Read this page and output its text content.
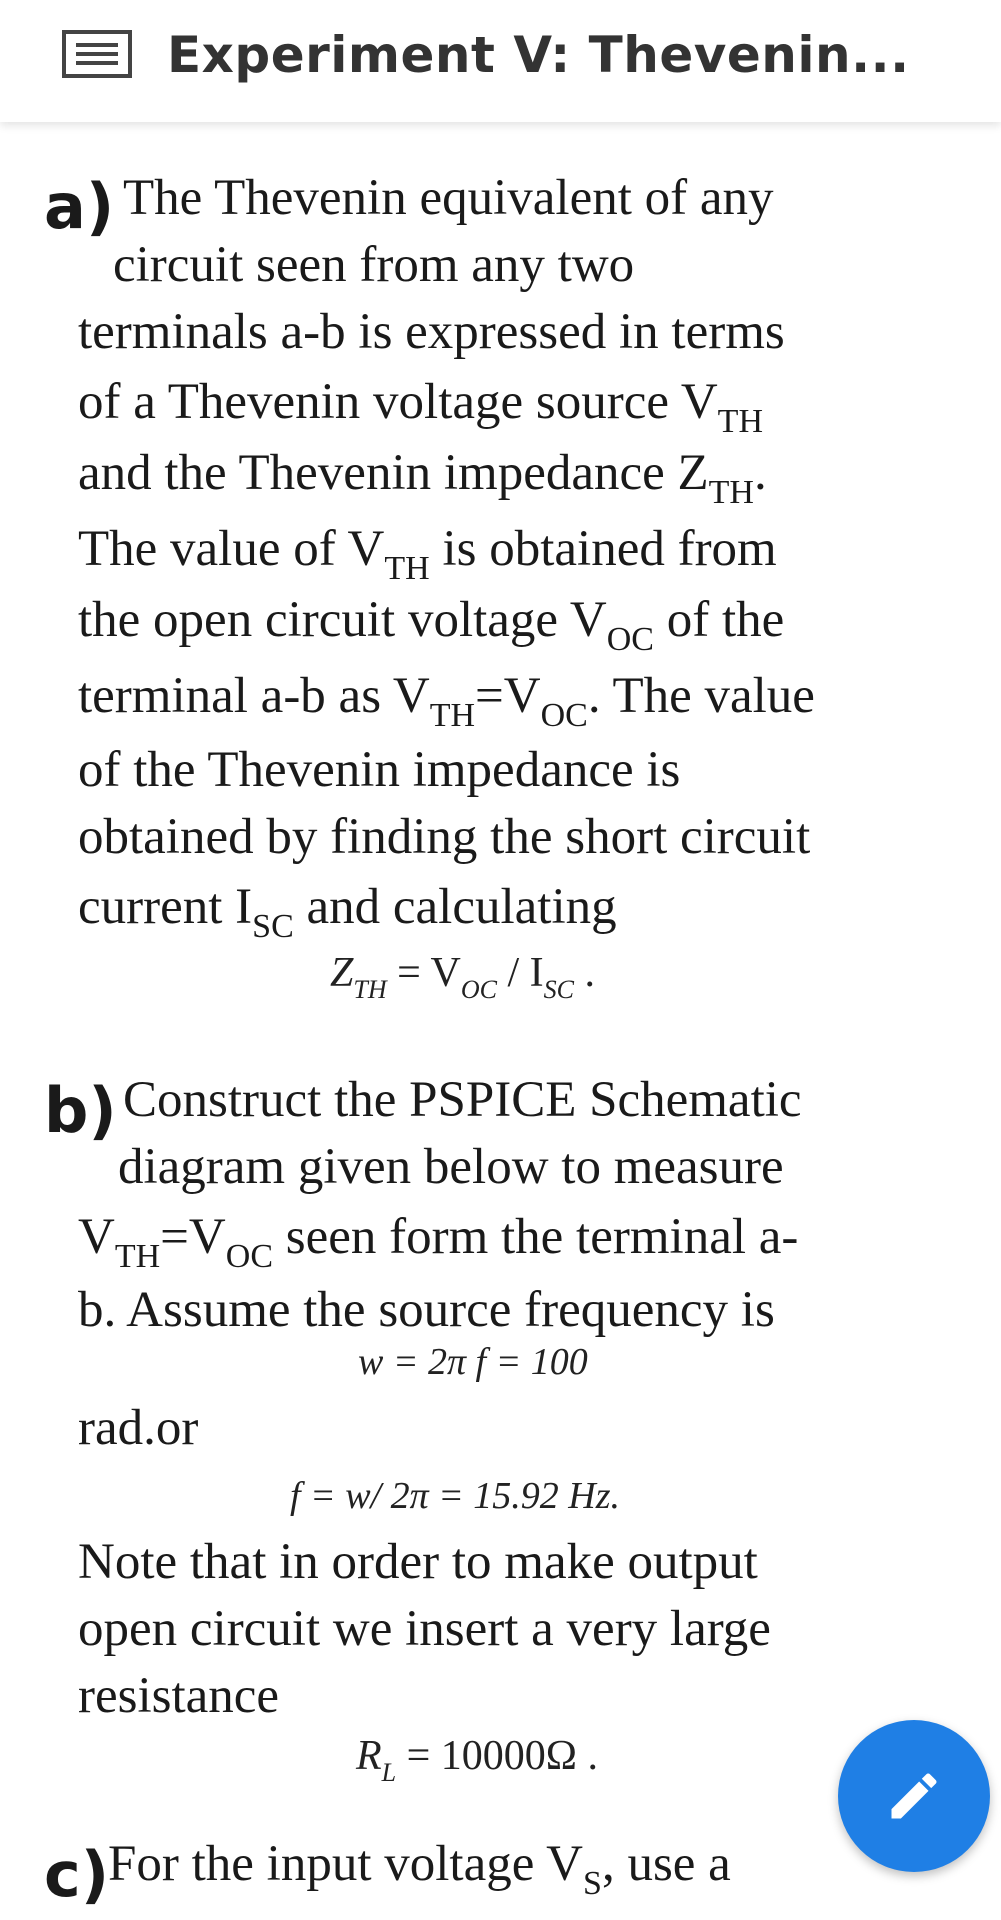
Experiment V: Thevenin...
a) The Thevenin equivalent of any
circuit seen from any two
terminals a-b is expressed in terms
of a Thevenin voltage source $V_{TH}$
and the Thevenin impedance $Z_{TH}$.
The value of $V_{TH}$ is obtained from
the open circuit voltage $V_{OC}$ of the
terminal a-b as $V_{TH}=V_{OC}$. The value
of the Thevenin impedance is
obtained by finding the short circuit
current $I_{SC}$ and calculating
$Z_{TH} = V_{OC} / I_{SC}$ .
b) Construct the PSPICE Schematic
diagram given below to measure
$V_{TH}=V_{OC}$ seen form the terminal a-
b. Assume the source frequency is
w = 2π f = 100
rad.or
f = w/ 2π = 15.92 Hz.
Note that in order to make output
open circuit we insert a very large
resistance
$R_L = 10000\Omega$ .
c)
For the input voltage $V_S$, use a
